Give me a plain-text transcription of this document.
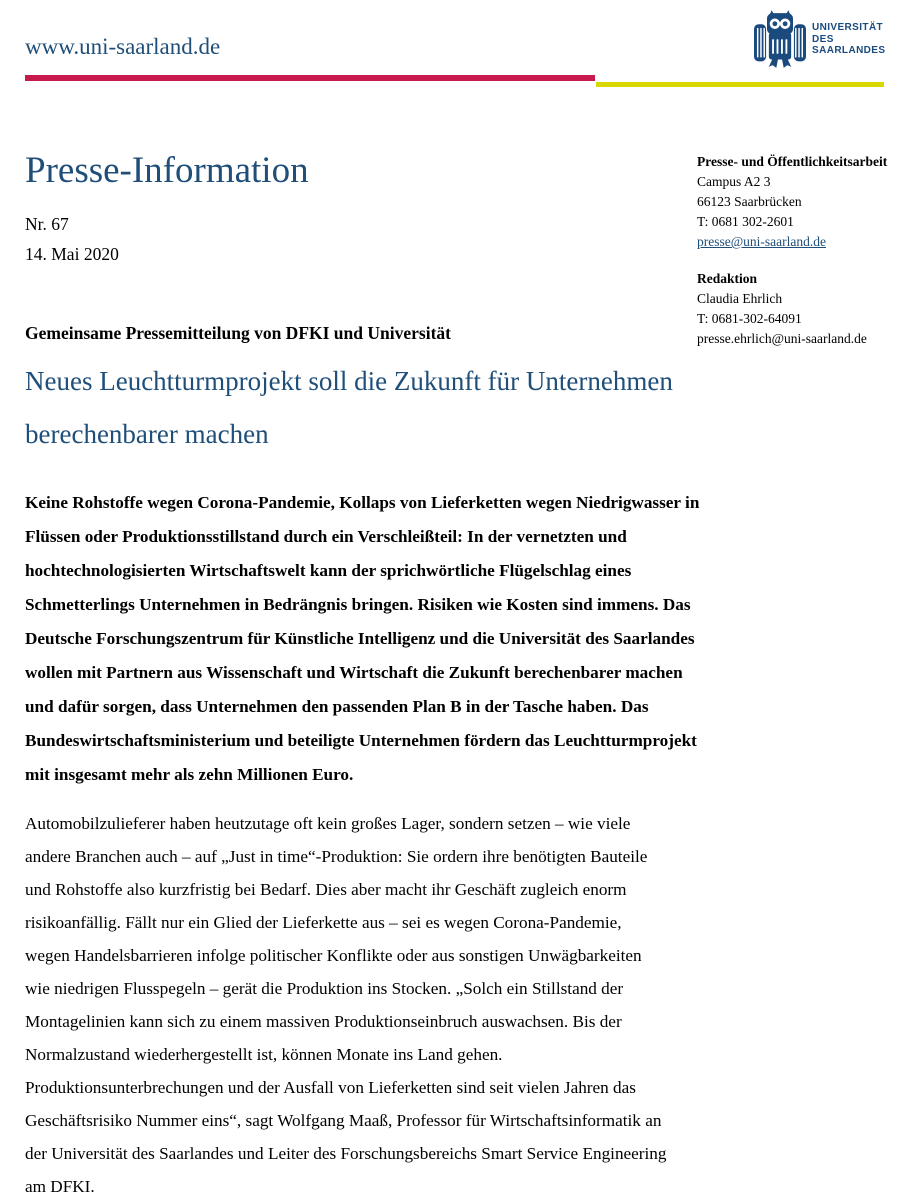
www.uni-saarland.de
UNIVERSITÄT
DES
SAARLANDES
Presse-Information
Nr. 67
14. Mai 2020
Presse- und Öffentlichkeitsarbeit
Campus A2 3
66123 Saarbrücken
T: 0681 302-2601
presse@uni-saarland.de
Redaktion
Claudia Ehrlich
T: 0681-302-64091
presse.ehrlich@uni-saarland.de
Gemeinsame Pressemitteilung von DFKI und Universität
Neues Leuchtturmprojekt soll die Zukunft für Unternehmen
berechenbarer machen
Keine Rohstoffe wegen Corona-Pandemie, Kollaps von Lieferketten wegen Niedrigwasser in
Flüssen oder Produktionsstillstand durch ein Verschleißteil: In der vernetzten und
hochtechnologisierten Wirtschaftswelt kann der sprichwörtliche Flügelschlag eines
Schmetterlings Unternehmen in Bedrängnis bringen. Risiken wie Kosten sind immens. Das
Deutsche Forschungszentrum für Künstliche Intelligenz und die Universität des Saarlandes
wollen mit Partnern aus Wissenschaft und Wirtschaft die Zukunft berechenbarer machen
und dafür sorgen, dass Unternehmen den passenden Plan B in der Tasche haben. Das
Bundeswirtschaftsministerium und beteiligte Unternehmen fördern das Leuchtturmprojekt
mit insgesamt mehr als zehn Millionen Euro.
Automobilzulieferer haben heutzutage oft kein großes Lager, sondern setzen – wie viele
andere Branchen auch – auf „Just in time“-Produktion: Sie ordern ihre benötigten Bauteile
und Rohstoffe also kurzfristig bei Bedarf. Dies aber macht ihr Geschäft zugleich enorm
risikoanfällig. Fällt nur ein Glied der Lieferkette aus – sei es wegen Corona-Pandemie,
wegen Handelsbarrieren infolge politischer Konflikte oder aus sonstigen Unwägbarkeiten
wie niedrigen Flusspegeln – gerät die Produktion ins Stocken. „Solch ein Stillstand der
Montagelinien kann sich zu einem massiven Produktionseinbruch auswachsen. Bis der
Normalzustand wiederhergestellt ist, können Monate ins Land gehen.
Produktionsunterbrechungen und der Ausfall von Lieferketten sind seit vielen Jahren das
Geschäftsrisiko Nummer eins“, sagt Wolfgang Maaß, Professor für Wirtschaftsinformatik an
der Universität des Saarlandes und Leiter des Forschungsbereichs Smart Service Engineering
am DFKI.
